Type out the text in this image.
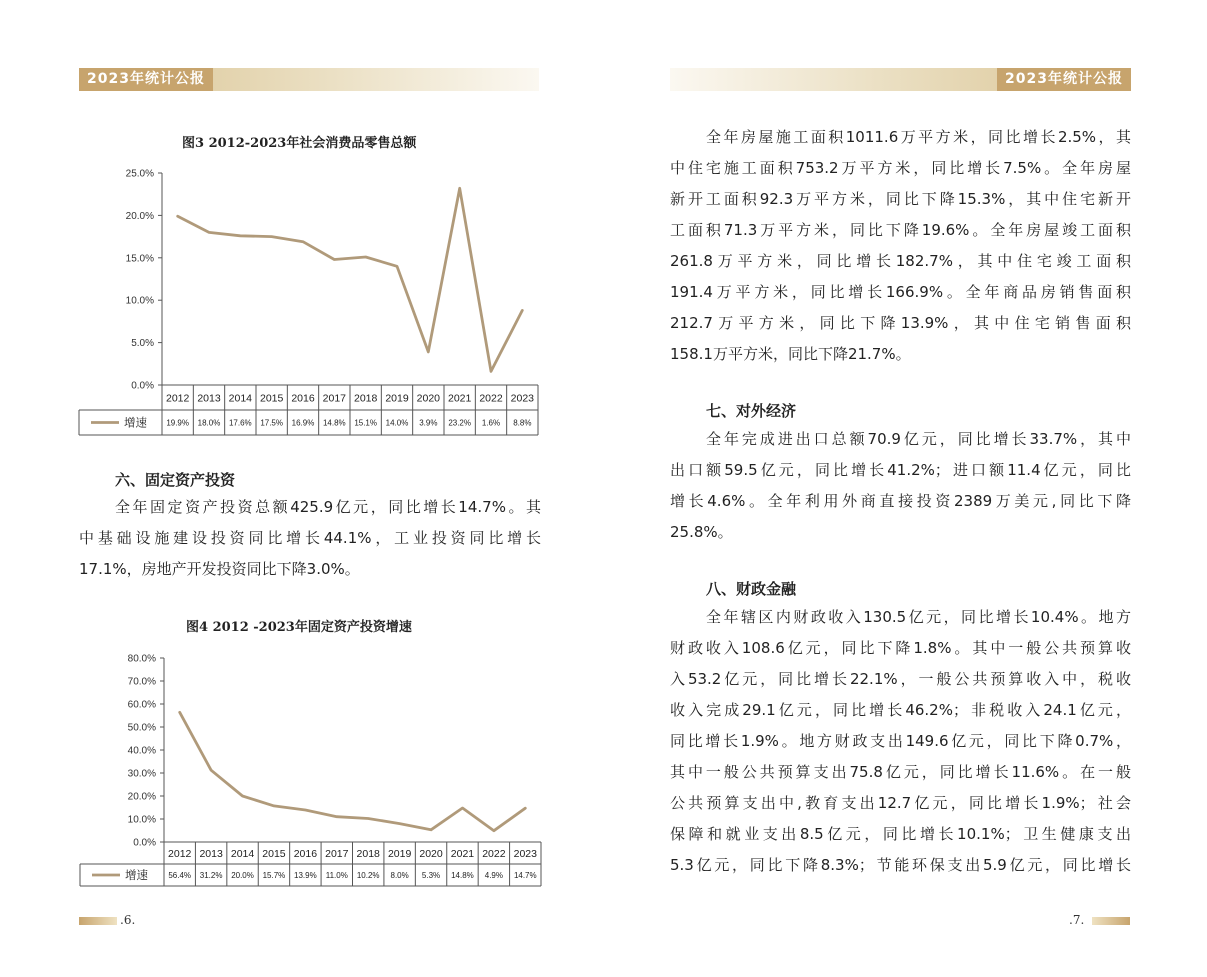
2023年统计公报
图3 2012-2023年社会消费品零售总额
0.0%
5.0%
10.0%
15.0%
20.0%
25.0%
2012 2013 2014 2015 2016 2017 2018 2019 2020 2021 2022 2023
增速 19.9% 18.0% 17.6% 17.5% 16.9% 14.8% 15.1% 14.0% 3.9% 23.2% 1.6% 8.8%
六、固定资产投资
全年固定资产投资总额425.9亿元，同比增长14.7%。其
中基础设施建设投资同比增长44.1%，工业投资同比增长
17.1%，房地产开发投资同比下降3.0%。
图4 2012 -2023年固定资产投资增速
0.0%
10.0%
20.0%
30.0%
40.0%
50.0%
60.0%
70.0%
80.0%
2012 2013 2014 2015 2016 2017 2018 2019 2020 2021 2022 2023
增速	56.4% 31.2% 20.0% 15.7% 13.9% 11.0% 10.2% 8.0% 5.3% 14.8% 4.9% 14.7%
.6.
2023年统计公报
全年房屋施工面积1011.6万平方米，同比增长2.5%，其
中住宅施工面积753.2万平方米，同比增长7.5%。全年房屋
新开工面积92.3万平方米，同比下降15.3%，其中住宅新开
工面积71.3万平方米，同比下降19.6%。全年房屋竣工面积
261.8万平方米，同比增长182.7%，其中住宅竣工面积
191.4万平方米，同比增长166.9%。全年商品房销售面积
212.7万平方米，同比下降13.9%，其中住宅销售面积
158.1万平方米，同比下降21.7%。
七、对外经济
全年完成进出口总额70.9亿元，同比增长33.7%，其中
出口额59.5亿元，同比增长41.2%；进口额11.4亿元，同比
增长4.6%。全年利用外商直接投资2389万美元,同比下降
25.8%。
八、财政金融
全年辖区内财政收入130.5亿元，同比增长10.4%。地方
财政收入108.6亿元，同比下降1.8%。其中一般公共预算收
入53.2亿元，同比增长22.1%，一般公共预算收入中，税收
收入完成29.1亿元，同比增长46.2%；非税收入24.1亿元，
同比增长1.9%。地方财政支出149.6亿元，同比下降0.7%，
其中一般公共预算支出75.8亿元，同比增长11.6%。在一般
公共预算支出中,教育支出12.7亿元，同比增长1.9%；社会
保障和就业支出8.5亿元，同比增长10.1%；卫生健康支出
5.3亿元，同比下降8.3%；节能环保支出5.9亿元，同比增长
.7.
